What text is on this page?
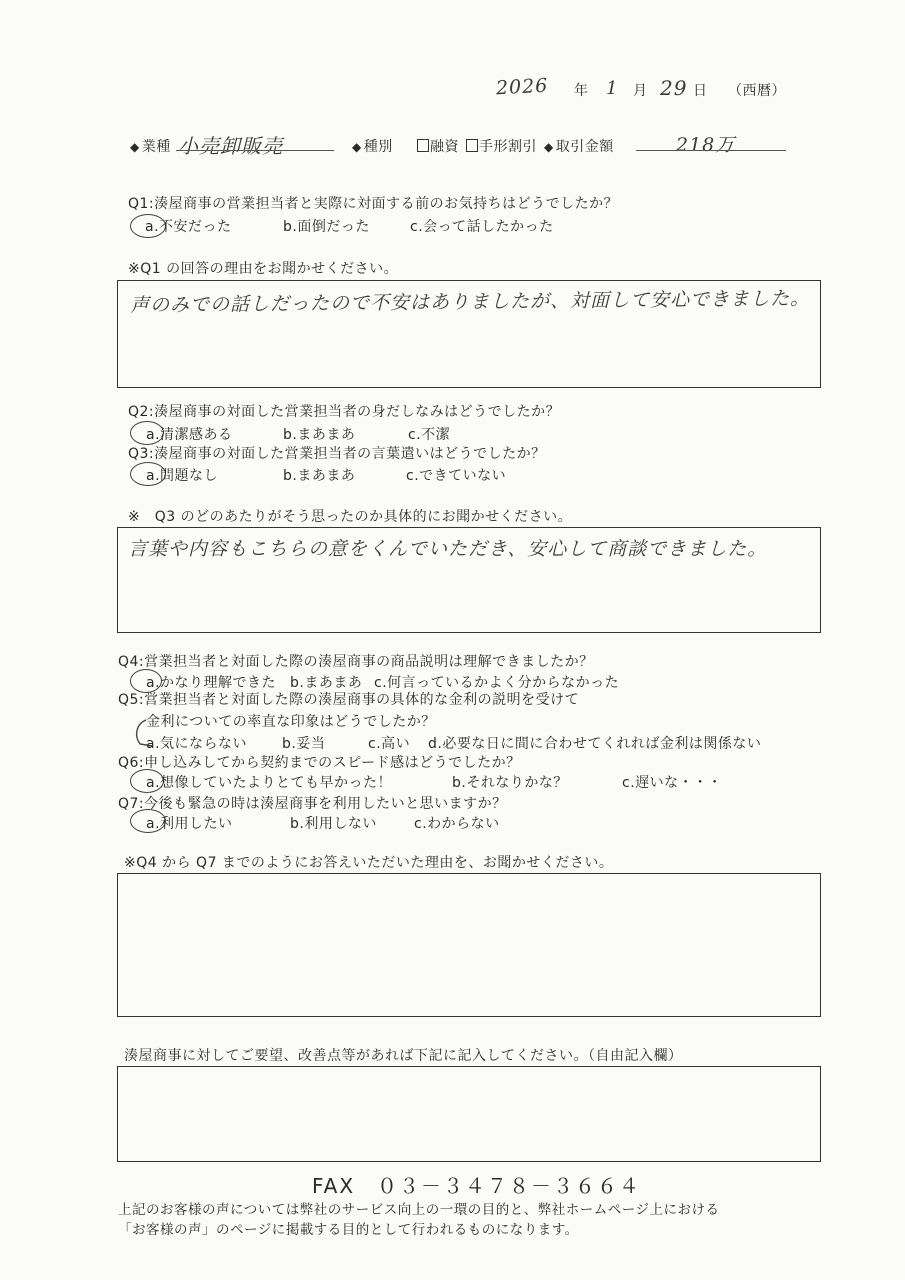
2026 年 1 月 29 日 （西暦）
◆ 業種 小売卸販売	◆ 種別	融資	手形割引 ◆ 取引金額	218万
Q1:湊屋商事の営業担当者と実際に対面する前のお気持ちはどうでしたか？
a.不安だった	b.面倒だった	c.会って話したかった
※Q1 の回答の理由をお聞かせください。
声のみでの話しだったので不安はありましたが、対面して安心できました。
Q2:湊屋商事の対面した営業担当者の身だしなみはどうでしたか？
a.清潔感ある	b.まあまあ	c.不潔
Q3:湊屋商事の対面した営業担当者の言葉遣いはどうでしたか？
a.問題なし	b.まあまあ	c.できていない
※　Q3 のどのあたりがそう思ったのか具体的にお聞かせください。
言葉や内容もこちらの意をくんでいただき、安心して商談できました。
Q4:営業担当者と対面した際の湊屋商事の商品説明は理解できましたか？
a.かなり理解できた b.まあまあ c.何言っているかよく分からなかった
Q5:営業担当者と対面した際の湊屋商事の具体的な金利の説明を受けて
金利についての率直な印象はどうでしたか？
a.気にならない b.妥当	c.高い d.必要な日に間に合わせてくれれば金利は関係ない
Q6:申し込みしてから契約までのスピード感はどうでしたか？
a.想像していたよりとても早かった！	b.それなりかな？	c.遅いな・・・
Q7:今後も緊急の時は湊屋商事を利用したいと思いますか？
a.利用したい	b.利用しない	c.わからない
※Q4 から Q7 までのようにお答えいただいた理由を、お聞かせください。
湊屋商事に対してご要望、改善点等があれば下記に記入してください。（自由記入欄）
FAX　０３－３４７８－３６６４
上記のお客様の声については弊社のサービス向上の一環の目的と、弊社ホームページ上における
「お客様の声」のページに掲載する目的として行われるものになります。
